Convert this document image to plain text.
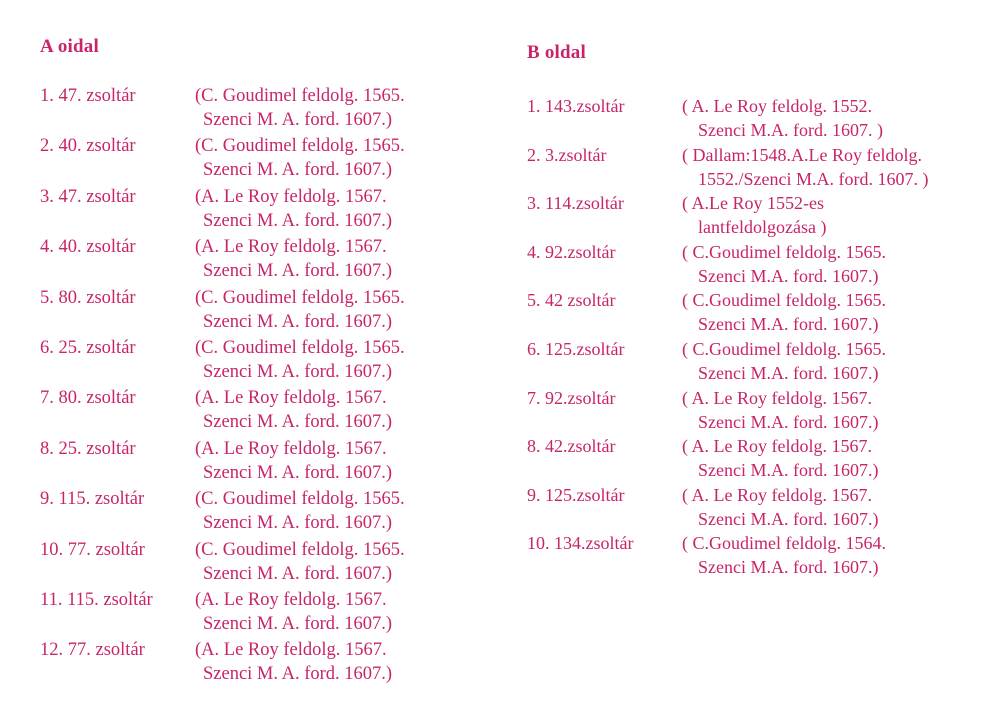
A oidal
1. 47. zsoltár	(C. Goudimel feldolg. 1565.
Szenci M. A. ford. 1607.)
2. 40. zsoltár	(C. Goudimel feldolg. 1565.
Szenci M. A. ford. 1607.)
3. 47. zsoltár	(A. Le Roy feldolg. 1567.
Szenci M. A. ford. 1607.)
4. 40. zsoltár	(A. Le Roy feldolg. 1567.
Szenci M. A. ford. 1607.)
5. 80. zsoltár	(C. Goudimel feldolg. 1565.
Szenci M. A. ford. 1607.)
6. 25. zsoltár	(C. Goudimel feldolg. 1565.
Szenci M. A. ford. 1607.)
7. 80. zsoltár	(A. Le Roy feldolg. 1567.
Szenci M. A. ford. 1607.)
8. 25. zsoltár	(A. Le Roy feldolg. 1567.
Szenci M. A. ford. 1607.)
9. 115. zsoltár	(C. Goudimel feldolg. 1565.
Szenci M. A. ford. 1607.)
10. 77. zsoltár	(C. Goudimel feldolg. 1565.
Szenci M. A. ford. 1607.)
11. 115. zsoltár (A. Le Roy feldolg. 1567.
Szenci M. A. ford. 1607.)
12. 77. zsoltár	(A. Le Roy feldolg. 1567.
Szenci M. A. ford. 1607.)
B oldal
1. 143.zsoltár	( A. Le Roy feldolg. 1552.
Szenci M.A. ford. 1607. )
2. 3.zsoltár	( Dallam:1548.A.Le Roy feldolg.
1552./Szenci M.A. ford. 1607. )
3. 114.zsoltár	( A.Le Roy 1552-es
lantfeldolgozása )
4. 92.zsoltár	( C.Goudimel feldolg. 1565.
Szenci M.A. ford. 1607.)
5. 42 zsoltár	( C.Goudimel feldolg. 1565.
Szenci M.A. ford. 1607.)
6. 125.zsoltár	( C.Goudimel feldolg. 1565.
Szenci M.A. ford. 1607.)
7. 92.zsoltár	( A. Le Roy feldolg. 1567.
Szenci M.A. ford. 1607.)
8. 42.zsoltár	( A. Le Roy feldolg. 1567.
Szenci M.A. ford. 1607.)
9. 125.zsoltár	( A. Le Roy feldolg. 1567.
Szenci M.A. ford. 1607.)
10. 134.zsoltár	( C.Goudimel feldolg. 1564.
Szenci M.A. ford. 1607.)
